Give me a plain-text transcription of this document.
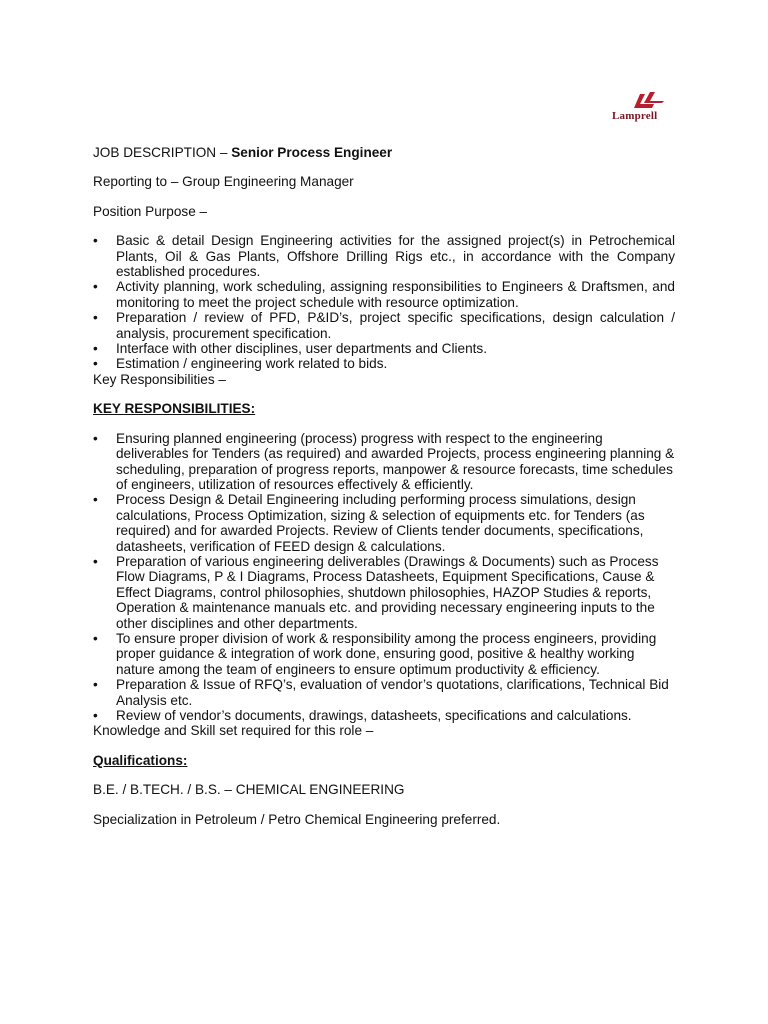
Lamprell

JOB DESCRIPTION – Senior Process Engineer

Reporting to – Group Engineering Manager

Position Purpose –

• Basic & detail Design Engineering activities for the assigned project(s) in Petrochemical Plants, Oil & Gas Plants, Offshore Drilling Rigs etc., in accordance with the Company established procedures.
• Activity planning, work scheduling, assigning responsibilities to Engineers & Draftsmen, and monitoring to meet the project schedule with resource optimization.
• Preparation / review of PFD, P&ID’s, project specific specifications, design calculation / analysis, procurement specification.
• Interface with other disciplines, user departments and Clients.
• Estimation / engineering work related to bids.

Key Responsibilities –

KEY RESPONSIBILITIES:

• Ensuring planned engineering (process) progress with respect to the engineering deliverables for Tenders (as required) and awarded Projects, process engineering planning & scheduling, preparation of progress reports, manpower & resource forecasts, time schedules of engineers, utilization of resources effectively & efficiently.
• Process Design & Detail Engineering including performing process simulations, design calculations, Process Optimization, sizing & selection of equipments etc. for Tenders (as required) and for awarded Projects. Review of Clients tender documents, specifications, datasheets, verification of FEED design & calculations.
• Preparation of various engineering deliverables (Drawings & Documents) such as Process Flow Diagrams, P & I Diagrams, Process Datasheets, Equipment Specifications, Cause & Effect Diagrams, control philosophies, shutdown philosophies, HAZOP Studies & reports, Operation & maintenance manuals etc. and providing necessary engineering inputs to the other disciplines and other departments.
• To ensure proper division of work & responsibility among the process engineers, providing proper guidance & integration of work done, ensuring good, positive & healthy working nature among the team of engineers to ensure optimum productivity & efficiency.
• Preparation & Issue of RFQ’s, evaluation of vendor’s quotations, clarifications, Technical Bid Analysis etc.
• Review of vendor’s documents, drawings, datasheets, specifications and calculations.

Knowledge and Skill set required for this role –

Qualifications:

B.E. / B.TECH. / B.S. – CHEMICAL ENGINEERING

Specialization in Petroleum / Petro Chemical Engineering preferred.
